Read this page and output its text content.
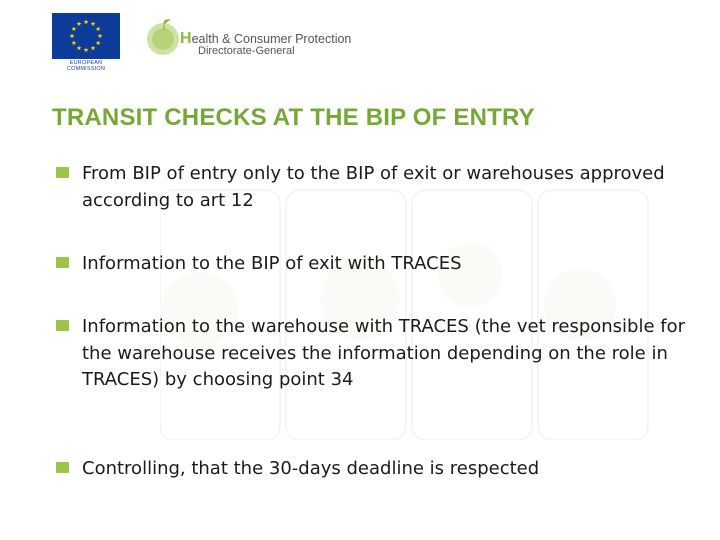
EUROPEAN COMMISSION
Health & Consumer Protection
Directorate-General
TRANSIT CHECKS AT THE BIP OF ENTRY
From BIP of entry only to the BIP of exit or warehouses approved according to art 12
Information to the BIP of exit with TRACES
Information to the warehouse with TRACES (the vet responsible for the warehouse receives the information depending on the role in TRACES) by choosing point 34
Controlling, that the 30-days deadline is respected
